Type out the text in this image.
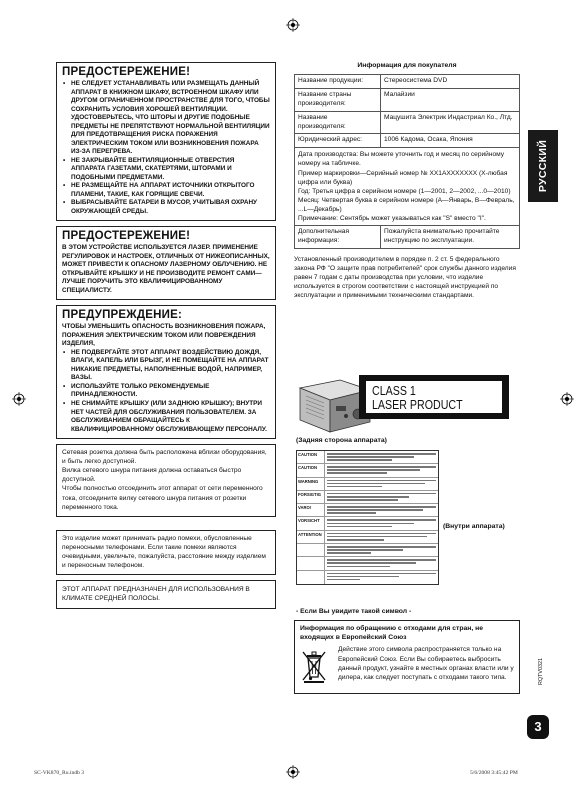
ПРЕДОСТЕРЕЖЕНИЕ!
• НЕ СЛЕДУЕТ УСТАНАВЛИВАТЬ ИЛИ РАЗМЕЩАТЬ ДАННЫЙ АППАРАТ В КНИЖНОМ ШКАФУ, ВСТРОЕННОМ ШКАФУ ИЛИ ДРУГОМ ОГРАНИЧЕННОМ ПРОСТРАНСТВЕ ДЛЯ ТОГО, ЧТОБЫ СОХРАНИТЬ УСЛОВИЯ ХОРОШЕЙ ВЕНТИЛЯЦИИ. УДОСТОВЕРЬТЕСЬ, ЧТО ШТОРЫ И ДРУГИЕ ПОДОБНЫЕ ПРЕДМЕТЫ НЕ ПРЕПЯТСТВУЮТ НОРМАЛЬНОЙ ВЕНТИЛЯЦИИ ДЛЯ ПРЕДОТВРАЩЕНИЯ РИСКА ПОРАЖЕНИЯ ЭЛЕКТРИЧЕСКИМ ТОКОМ ИЛИ ВОЗНИКНОВЕНИЯ ПОЖАРА ИЗ-ЗА ПЕРЕГРЕВА.
• НЕ ЗАКРЫВАЙТЕ ВЕНТИЛЯЦИОННЫЕ ОТВЕРСТИЯ АППАРАТА ГАЗЕТАМИ, СКАТЕРТЯМИ, ШТОРАМИ И ПОДОБНЫМИ ПРЕДМЕТАМИ.
• НЕ РАЗМЕЩАЙТЕ НА АППАРАТ ИСТОЧНИКИ ОТКРЫТОГО ПЛАМЕНИ, ТАКИЕ, КАК ГОРЯЩИЕ СВЕЧИ.
• ВЫБРАСЫВАЙТЕ БАТАРЕИ В МУСОР, УЧИТЫВАЯ ОХРАНУ ОКРУЖАЮЩЕЙ СРЕДЫ.
ПРЕДОСТЕРЕЖЕНИЕ!
В ЭТОМ УСТРОЙСТВЕ ИСПОЛЬЗУЕТСЯ ЛАЗЕР. ПРИМЕНЕНИЕ РЕГУЛИРОВОК И НАСТРОЕК, ОТЛИЧНЫХ ОТ НИЖЕОПИСАННЫХ, МОЖЕТ ПРИВЕСТИ К ОПАСНОМУ ЛАЗЕРНОМУ ОБЛУЧЕНИЮ. НЕ ОТКРЫВАЙТЕ КРЫШКУ И НЕ ПРОИЗВОДИТЕ РЕМОНТ САМИ—ЛУЧШЕ ПОРУЧИТЬ ЭТО КВАЛИФИЦИРОВАННОМУ СПЕЦИАЛИСТУ.
ПРЕДУПРЕЖДЕНИЕ:
ЧТОБЫ УМЕНЬШИТЬ ОПАСНОСТЬ ВОЗНИКНОВЕНИЯ ПОЖАРА, ПОРАЖЕНИЯ ЭЛЕКТРИЧЕСКИМ ТОКОМ ИЛИ ПОВРЕЖДЕНИЯ ИЗДЕЛИЯ,
• НЕ ПОДВЕРГАЙТЕ ЭТОТ АППАРАТ ВОЗДЕЙСТВИЮ ДОЖДЯ, ВЛАГИ, КАПЕЛЬ ИЛИ БРЫЗГ, И НЕ ПОМЕЩАЙТЕ НА АППАРАТ НИКАКИЕ ПРЕДМЕТЫ, НАПОЛНЕННЫЕ ВОДОЙ, НАПРИМЕР, ВАЗЫ.
• ИСПОЛЬЗУЙТЕ ТОЛЬКО РЕКОМЕНДУЕМЫЕ ПРИНАДЛЕЖНОСТИ.
• НЕ СНИМАЙТЕ КРЫШКУ (ИЛИ ЗАДНЮЮ КРЫШКУ); ВНУТРИ НЕТ ЧАСТЕЙ ДЛЯ ОБСЛУЖИВАНИЯ ПОЛЬЗОВАТЕЛЕМ. ЗА ОБСЛУЖИВАНИЕМ ОБРАЩАЙТЕСЬ К КВАЛИФИЦИРОВАННОМУ ОБСЛУЖИВАЮЩЕМУ ПЕРСОНАЛУ.

Сетевая розетка должна быть расположена вблизи оборудования, и быть легко доступной.

Вилка сетевого шнура питания должна оставаться быстро доступной.

Чтобы полностью отсоединить этот аппарат от сети переменного тока, отсоедините вилку сетевого шнура питания от розетки переменного тока.

Это изделие может принимать радио помехи, обусловленные переносными телефонами. Если такие помехи являются очевидными, увеличьте, пожалуйста, расстояние между изделием и переносным телефоном.

ЭТОТ АППАРАТ ПРЕДНАЗНАЧЕН ДЛЯ ИСПОЛЬЗОВАНИЯ В КЛИМАТЕ СРЕДНЕЙ ПОЛОСЫ.

Информация для покупателя
Название продукции:	Стереосистема DVD
Название страны производителя:	Малайзии
Название производителя:	Мацушита Электрик Индастриал Ко., Лтд.
Юридический адрес:	1006 Кадома, Осака, Япония
Дата производства: Вы можете уточнить год и месяц по серийному номеру на табличке.
Пример маркировки—Серийный номер № XX1AXXXXXXX (X-любая цифра или буква)
Год: Третья цифра в серийном номере (1—2001, 2—2002, ...0—2010)
Месяц: Четвертая буква в серийном номере (A—Январь, B—Февраль, ...L—Декабрь)
Примечание: Сентябрь может указываться как "S" вместо "I".
Дополнительная информация:	Пожалуйста внимательно прочитайте инструкцию по эксплуатации.
Установленный производителем в порядке п. 2 ст. 5 федерального закона РФ "О защите прав потребителей" срок службы данного изделия равен 7 годам с даты производства при условии, что изделие используется в строгом соответствии с настоящей инструкцией по эксплуатации и применимыми техническими стандартами.
CLASS 1
LASER PRODUCT
(Задняя сторона аппарата)
CAUTION
CAUTION
WARNING
FORSIGTIG
VARO!
VORSICHT
ATTENTION
(Внутри аппарата)
- Если Вы увидите такой символ -
Информация по обращению с отходами для стран, не входящих в Европейский Союз
Действие этого символа распространяется только на Европейский Союз. Если Вы собираетесь выбросить данный продукт, узнайте в местных органах власти или у дилера, как следует поступать с отходами такого типа.
РУССКИЙ
RQTV0321
3
SC-VK870_Ru.indb 3	5/6/2008 3:45:42 PM
